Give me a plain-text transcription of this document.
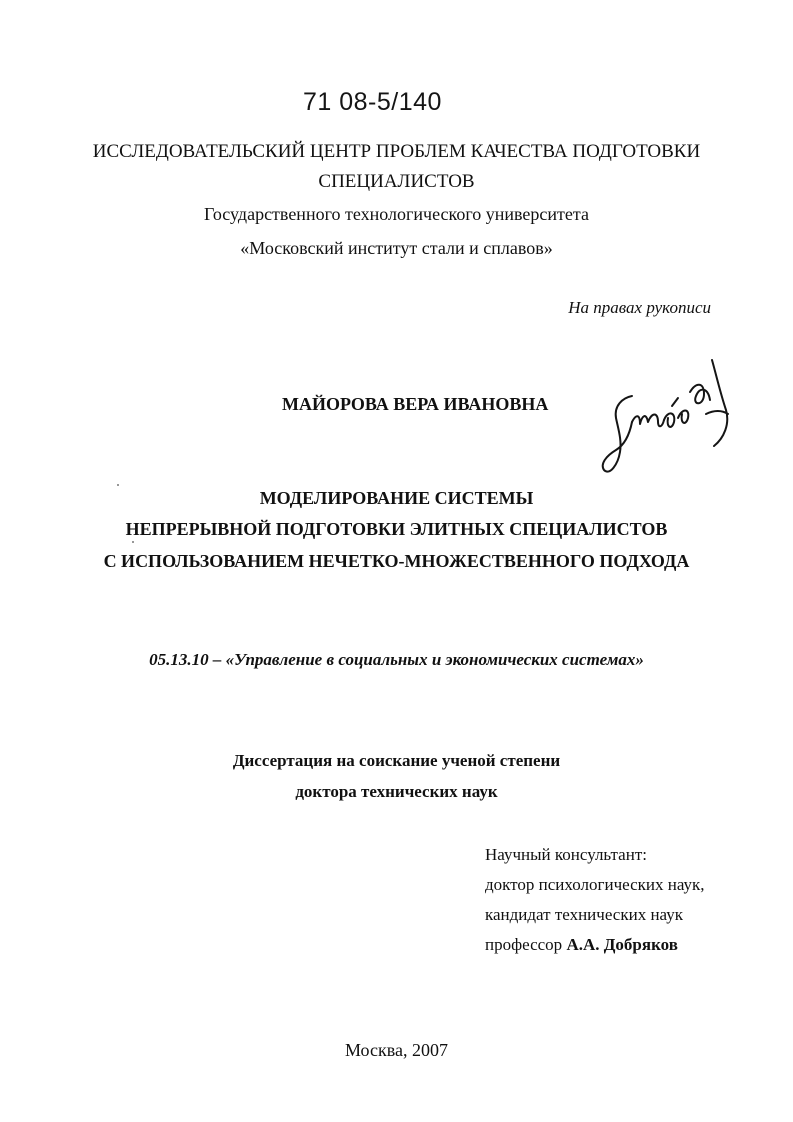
71 08-5/140
ИССЛЕДОВАТЕЛЬСКИЙ ЦЕНТР ПРОБЛЕМ КАЧЕСТВА ПОДГОТОВКИ
СПЕЦИАЛИСТОВ
Государственного технологического университета
«Московский институт стали и сплавов»
На правах рукописи
МАЙОРОВА ВЕРА ИВАНОВНА
МОДЕЛИРОВАНИЕ СИСТЕМЫ
НЕПРЕРЫВНОЙ ПОДГОТОВКИ ЭЛИТНЫХ СПЕЦИАЛИСТОВ
С ИСПОЛЬЗОВАНИЕМ НЕЧЕТКО-МНОЖЕСТВЕННОГО ПОДХОДА
05.13.10 – «Управление в социальных и экономических системах»
Диссертация на соискание ученой степени
доктора технических наук
Научный консультант:
доктор психологических наук,
кандидат технических наук
профессор А.А. Добряков
Москва, 2007
